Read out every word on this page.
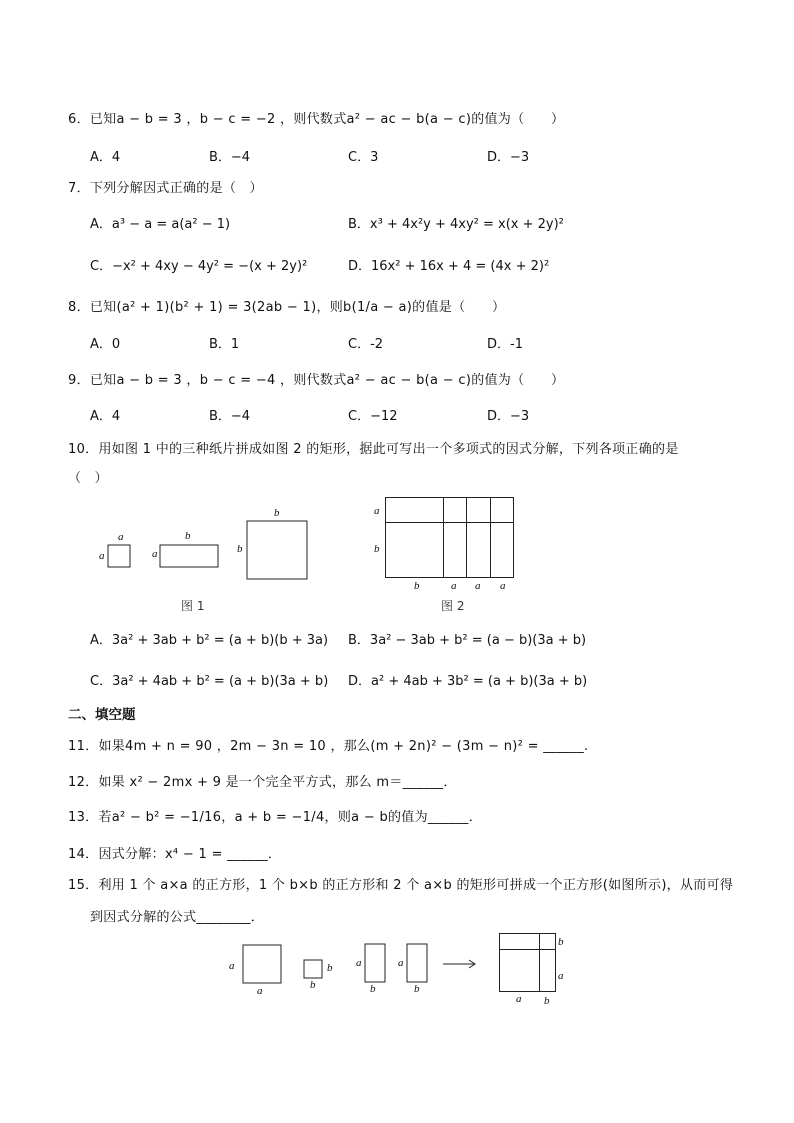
6．已知a − b = 3 ，b − c = −2 ，则代数式a² − ac − b(a − c)的值为（　　）
A．4	B．−4	C．3	D．−3
7．下列分解因式正确的是（　）
A．a³ − a = a(a² − 1)	B．x³ + 4x²y + 4xy² = x(x + 2y)²
C．−x² + 4xy − 4y² = −(x + 2y)²	D．16x² + 16x + 4 = (4x + 2)²
8．已知(a² + 1)(b² + 1) = 3(2ab − 1)，则b(1/a − a)的值是（　　）
A．0	B．1	C．-2	D．-1
9．已知a − b = 3 ，b − c = −4 ，则代数式a² − ac − b(a − c)的值为（　　）
A．4	B．−4	C．−12	D．−3
10．用如图 1 中的三种纸片拼成如图 2 的矩形，据此可写出一个多项式的因式分解，下列各项正确的是
（　）
a
a
b
a
b
b
图 1
a
b
b	a a a
图 2
A．3a² + 3ab + b² = (a + b)(b + 3a) B．3a² − 3ab + b² = (a − b)(3a + b)
C．3a² + 4ab + b² = (a + b)(3a + b) D．a² + 4ab + 3b² = (a + b)(3a + b)
二、填空题
11．如果4m + n = 90 ，2m − 3n = 10 ，那么(m + 2n)² − (3m − n)² = ______.
12．如果 x² − 2mx + 9 是一个完全平方式，那么 m＝______．
13．若a² − b² = −1/16，a + b = −1/4，则a − b的值为______．
14．因式分解：x⁴ − 1 = ______．
15．利用 1 个 a×a 的正方形，1 个 b×b 的正方形和 2 个 a×b 的矩形可拼成一个正方形(如图所示)，从而可得
到因式分解的公式________．
a
a
b
b
a
b
a
b
b
a
a b
